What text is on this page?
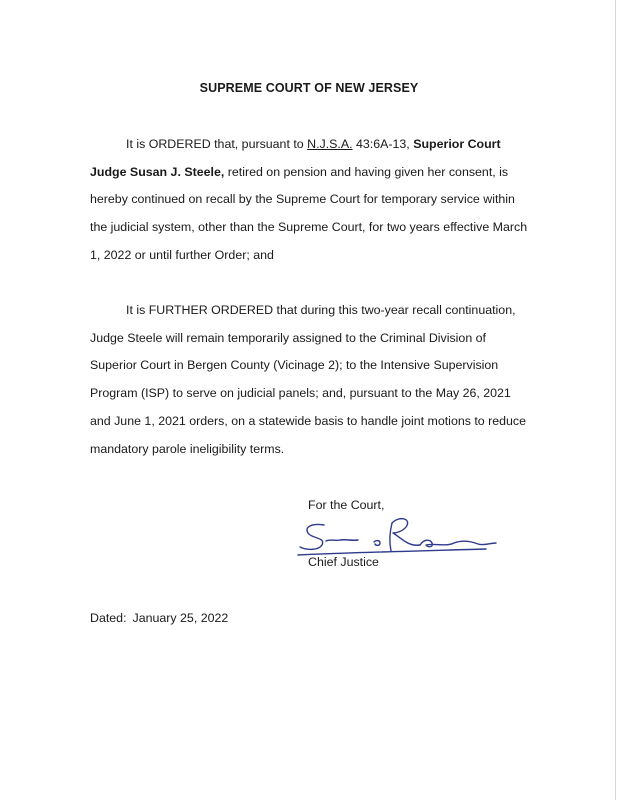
SUPREME COURT OF NEW JERSEY

It is ORDERED that, pursuant to N.J.S.A. 43:6A-13, Superior Court Judge Susan J. Steele, retired on pension and having given her consent, is hereby continued on recall by the Supreme Court for temporary service within the judicial system, other than the Supreme Court, for two years effective March 1, 2022 or until further Order; and

It is FURTHER ORDERED that during this two-year recall continuation, Judge Steele will remain temporarily assigned to the Criminal Division of Superior Court in Bergen County (Vicinage 2); to the Intensive Supervision Program (ISP) to serve on judicial panels; and, pursuant to the May 26, 2021 and June 1, 2021 orders, on a statewide basis to handle joint motions to reduce mandatory parole ineligibility terms.

For the Court,
Chief Justice
Dated: January 25, 2022
